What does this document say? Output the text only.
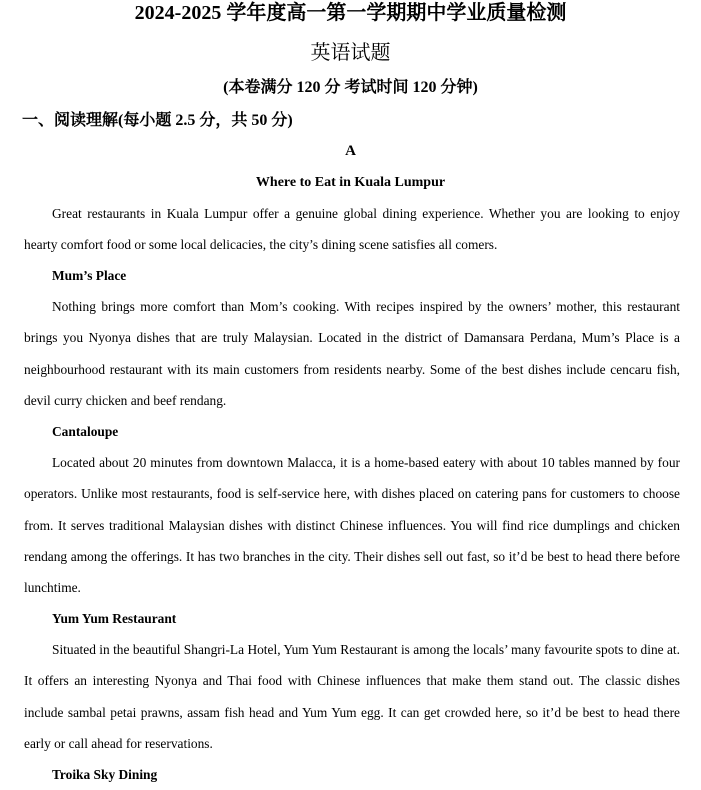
2024-2025 学年度高一第一学期期中学业质量检测
英语试题
(本卷满分 120 分 考试时间 120 分钟)
一、阅读理解(每小题 2.5 分，共 50 分)
A
Where to Eat in Kuala Lumpur

Great restaurants in Kuala Lumpur offer a genuine global dining experience. Whether you are looking to enjoy hearty comfort food or some local delicacies, the city’s dining scene satisfies all comers.

Mum’s Place

Nothing brings more comfort than Mom’s cooking. With recipes inspired by the owners’ mother, this restaurant brings you Nyonya dishes that are truly Malaysian. Located in the district of Damansara Perdana, Mum’s Place is a neighbourhood restaurant with its main customers from residents nearby. Some of the best dishes include cencaru fish, devil curry chicken and beef rendang.

Cantaloupe

Located about 20 minutes from downtown Malacca, it is a home-based eatery with about 10 tables manned by four operators. Unlike most restaurants, food is self-service here, with dishes placed on catering pans for customers to choose from. It serves traditional Malaysian dishes with distinct Chinese influences. You will find rice dumplings and chicken rendang among the offerings. It has two branches in the city. Their dishes sell out fast, so it’d be best to head there before lunchtime.

Yum Yum Restaurant

Situated in the beautiful Shangri-La Hotel, Yum Yum Restaurant is among the locals’ many favourite spots to dine at. It offers an interesting Nyonya and Thai food with Chinese influences that make them stand out. The classic dishes include sambal petai prawns, assam fish head and Yum Yum egg. It can get crowded here, so it’d be best to head there early or call ahead for reservations.

Troika Sky Dining
